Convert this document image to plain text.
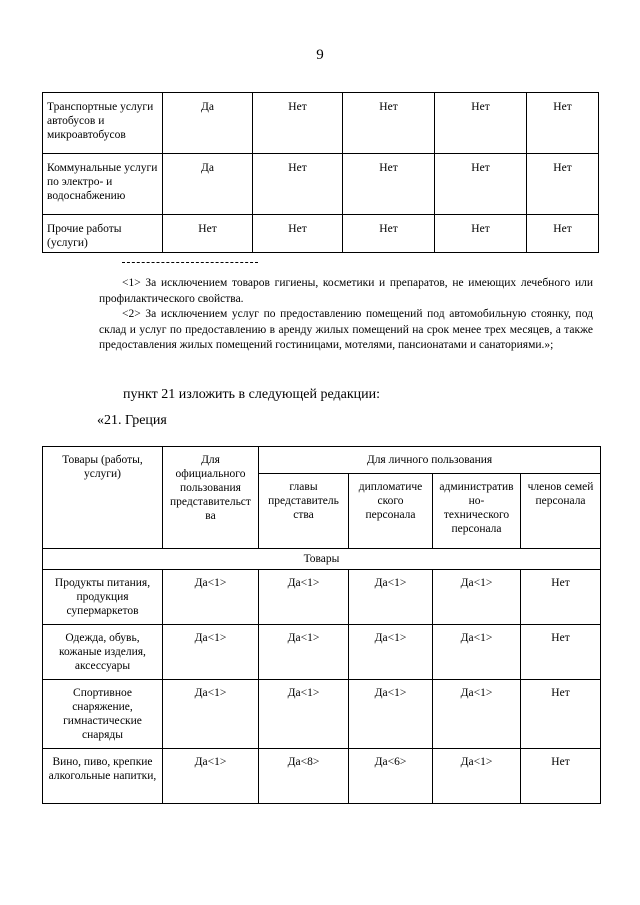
9
Транспортные услуги автобусов и микроавтобусов	Да	Нет	Нет	Нет	Нет
Коммунальные услуги по электро- и водоснабжению	Да	Нет	Нет	Нет	Нет
Прочие работы (услуги)	Нет	Нет	Нет	Нет	Нет
<1> За исключением товаров гигиены, косметики и препаратов, не имеющих лечебного или профилактического свойства.
<2> За исключением услуг по предоставлению помещений под автомобильную стоянку, под склад и услуг по предоставлению в аренду жилых помещений на срок менее трех месяцев, а также предоставления жилых помещений гостиницами, мотелями, пансионатами и санаториями.»;
пункт 21 изложить в следующей редакции:
«21. Греция
Товары (работы, услуги)	Для официального пользования представительст ва	Для личного пользования			
		главы представитель ства	дипломатиче ского персонала	административ но-технического персонала	членов семей персонала
Товары					
Продукты питания, продукция супермаркетов	Да<1>	Да<1>	Да<1>	Да<1>	Нет
Одежда, обувь, кожаные изделия, аксессуары	Да<1>	Да<1>	Да<1>	Да<1>	Нет
Спортивное снаряжение, гимнастические снаряды	Да<1>	Да<1>	Да<1>	Да<1>	Нет
Вино, пиво, крепкие алкогольные напитки,	Да<1>	Да<8>	Да<6>	Да<1>	Нет
